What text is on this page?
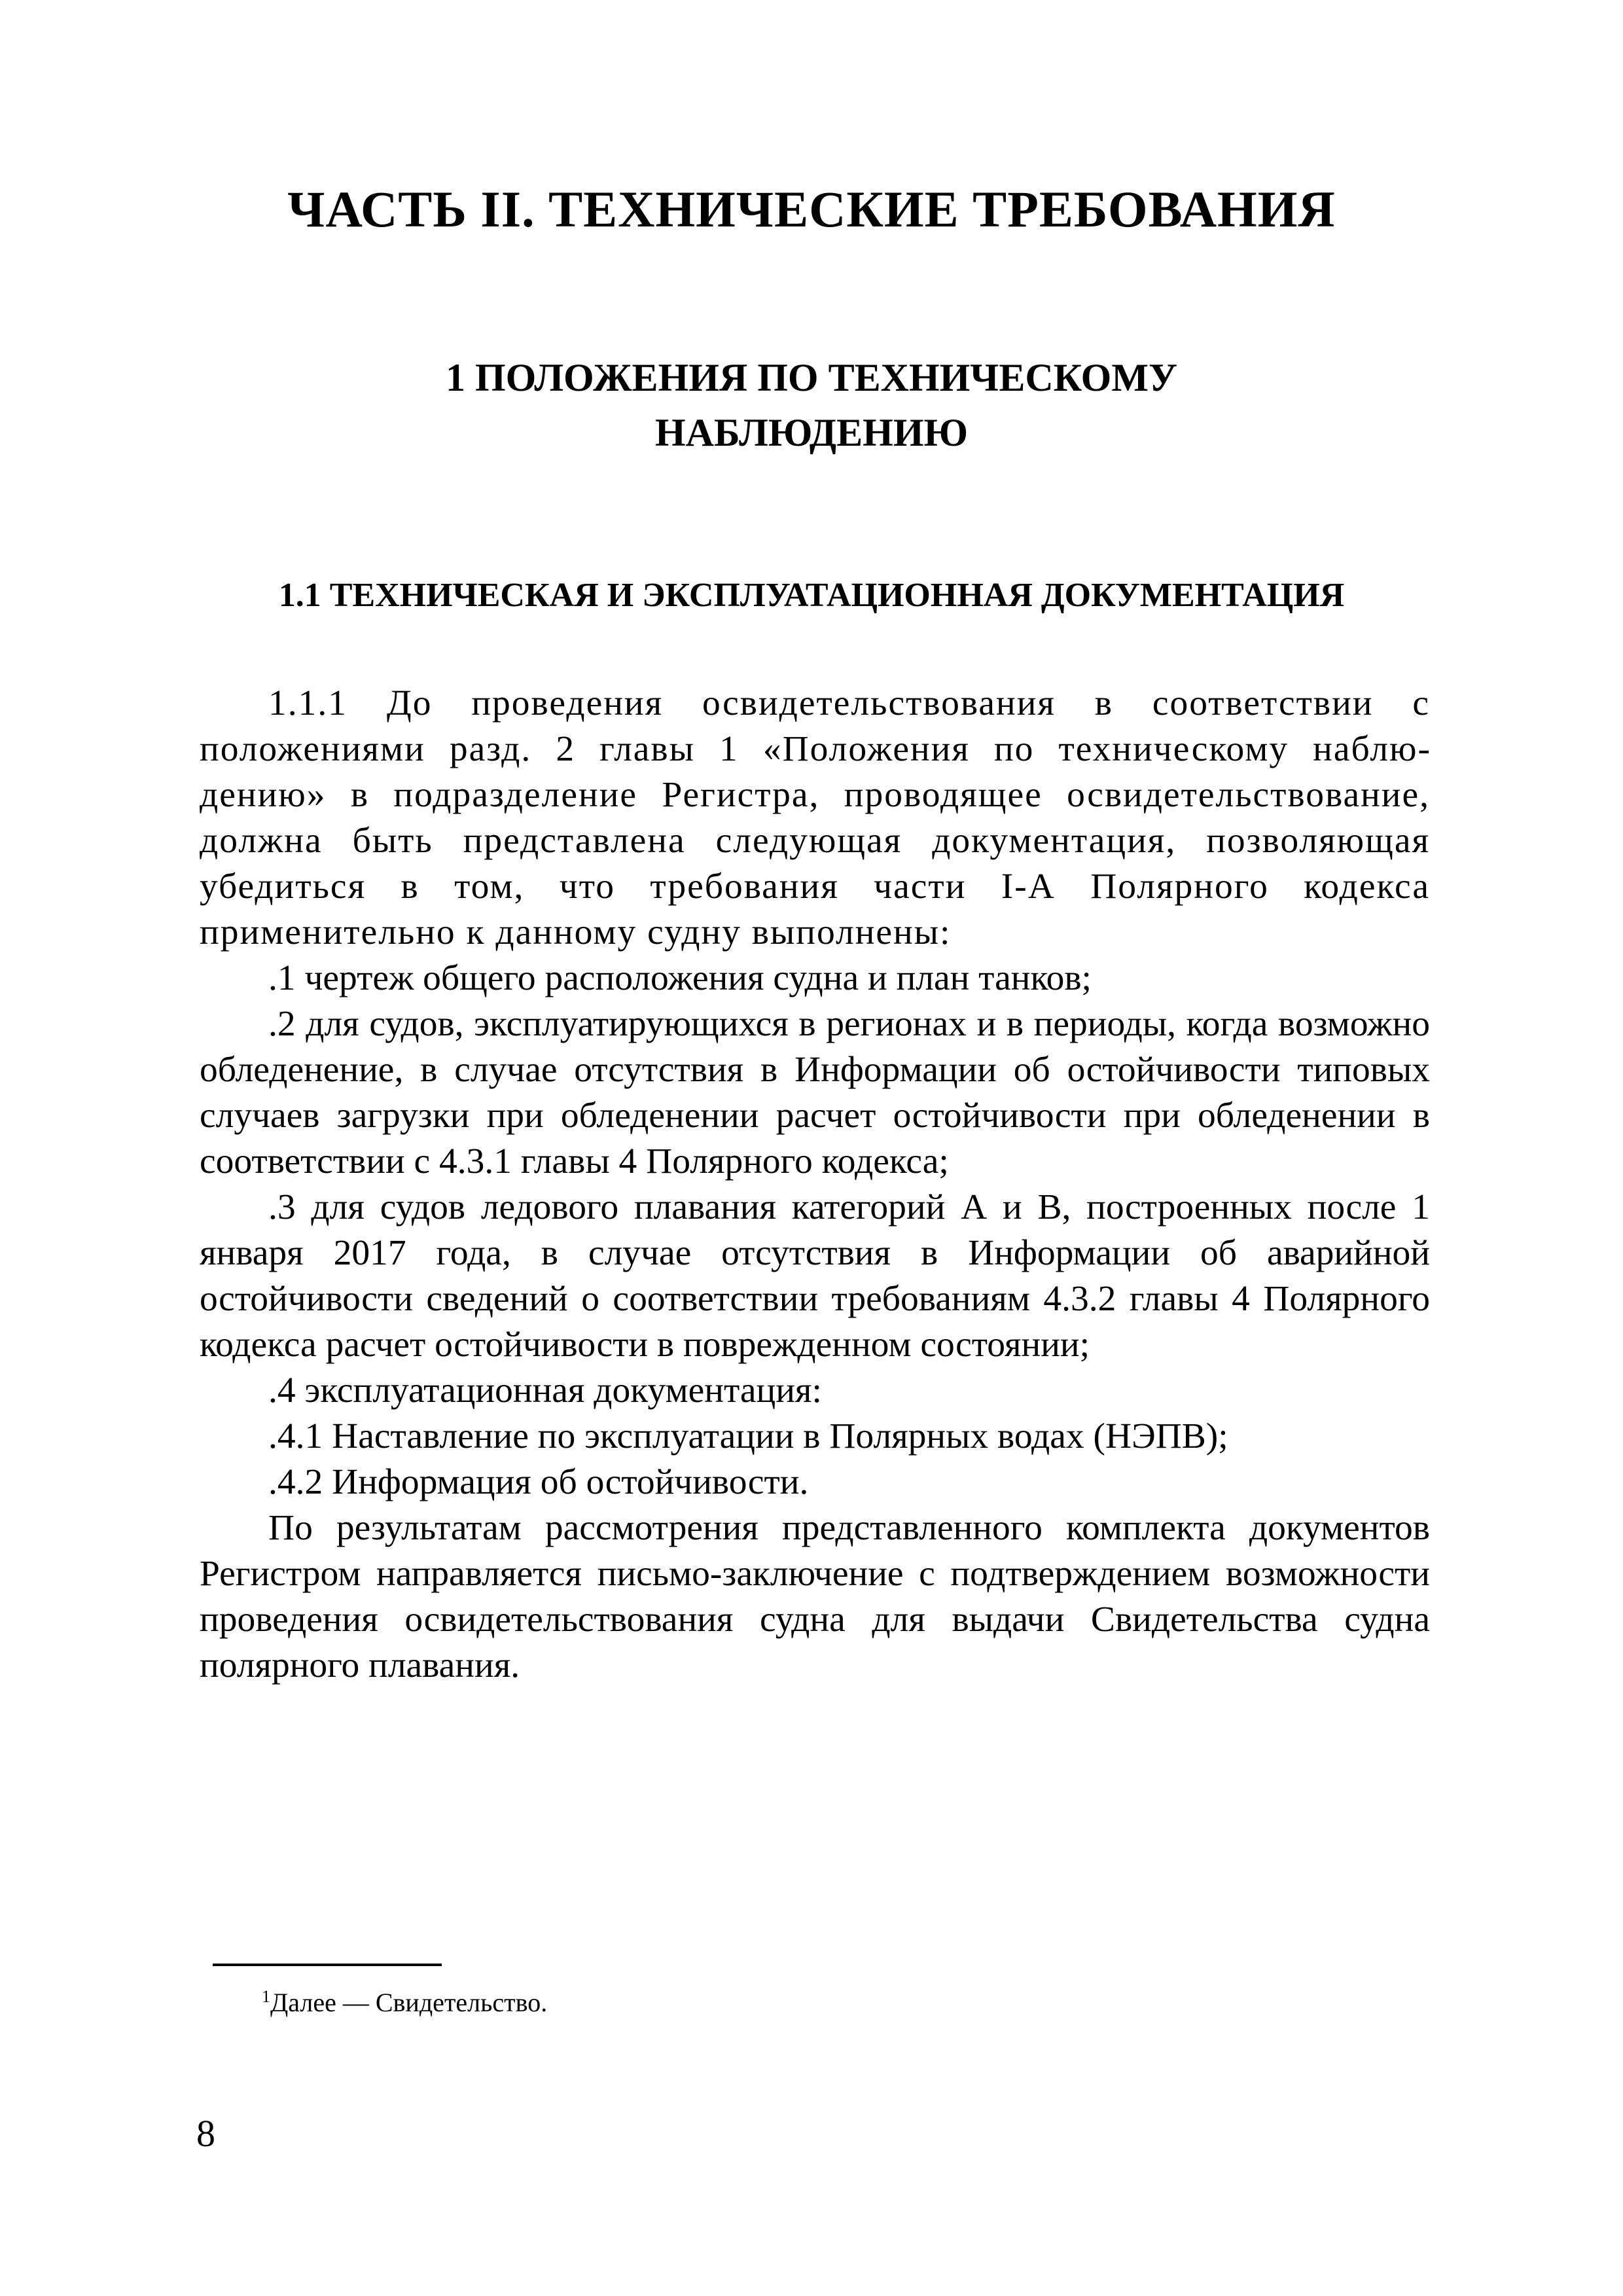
ЧАСТЬ II. ТЕХНИЧЕСКИЕ ТРЕБОВАНИЯ
1 ПОЛОЖЕНИЯ ПО ТЕХНИЧЕСКОМУ
НАБЛЮДЕНИЮ
1.1 ТЕХНИЧЕСКАЯ И ЭКСПЛУАТАЦИОННАЯ ДОКУМЕНТАЦИЯ

1.1.1 До проведения освидетельствования в соответствии с положениями разд. 2 главы 1 «Положения по техническому наблюдению» в подразделение Регистра, проводящее освидетельствование, должна быть представлена следующая документация, позволяющая убедиться в том, что требования части I-А Полярного кодекса применительно к данному судну выполнены:

.1 чертеж общего расположения судна и план танков;

.2 для судов, эксплуатирующихся в регионах и в периоды, когда возможно обледенение, в случае отсутствия в Информации об остойчивости типовых случаев загрузки при обледенении расчет остойчивости при обледенении в соответствии с 4.3.1 главы 4 Полярного кодекса;

.3 для судов ледового плавания категорий А и В, построенных после 1 января 2017 года, в случае отсутствия в Информации об аварийной остойчивости сведений о соответствии требованиям 4.3.2 главы 4 Полярного кодекса расчет остойчивости в поврежденном состоянии;

.4 эксплуатационная документация:

.4.1 Наставление по эксплуатации в Полярных водах (НЭПВ);

.4.2 Информация об остойчивости.

По результатам рассмотрения представленного комплекта документов Регистром направляется письмо-заключение с подтверждением возможности проведения освидетельствования судна для выдачи Свидетельства судна полярного плавания.

$^1$Далее — Свидетельство.
8
